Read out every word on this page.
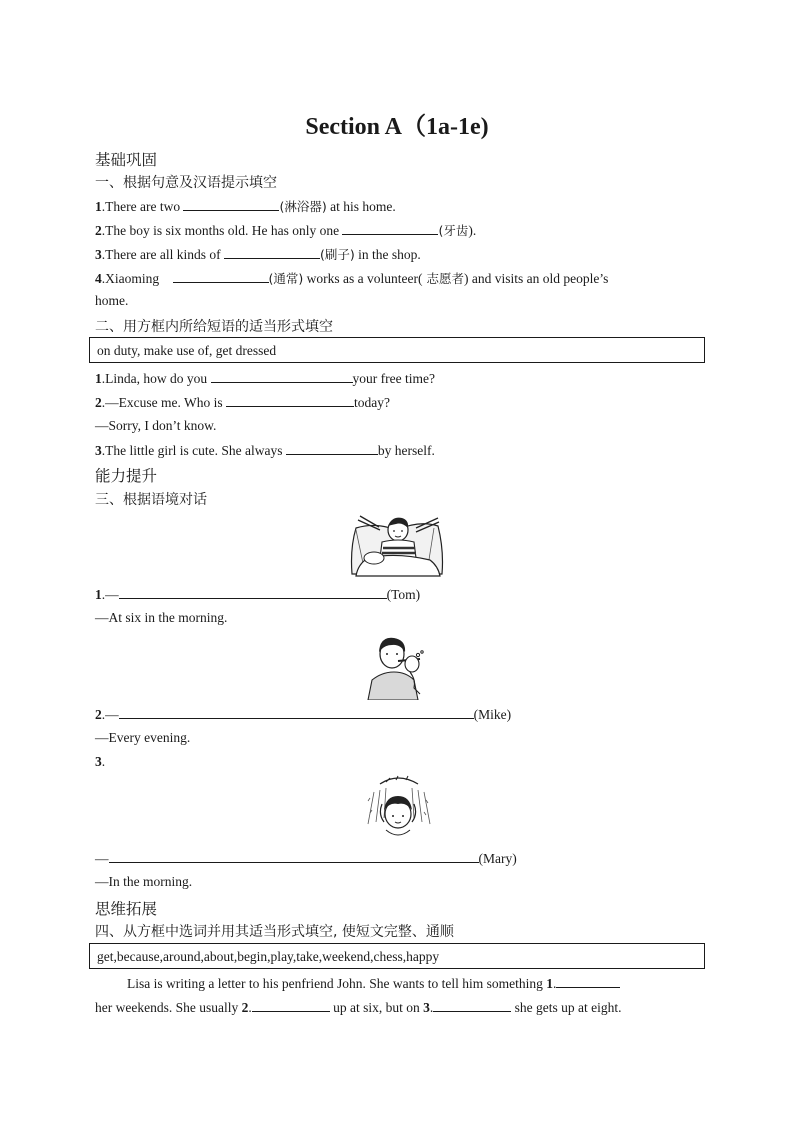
Section A（1a-1e)
基础巩固
一、根据句意及汉语提示填空
1.There are two	(淋浴器) at his home.
2.The boy is six months old. He has only one	(牙齿).
3.There are all kinds of	(刷子) in the shop.
4.Xiaoming	(通常) works as a volunteer( 志愿者) and visits an old people’s
home.
二、用方框内所给短语的适当形式填空
on duty, make use of, get dressed
1.Linda, how do you	your free time?
2.—Excuse me. Who is	today?
—Sorry, I don’t know.
3.The little girl is cute. She always	by herself.
能力提升
三、根据语境对话
1.—	(Tom)
—At six in the morning.
2.—	(Mike)
—Every evening.
3.
—	(Mary)
—In the morning.
思维拓展
四、从方框中选词并用其适当形式填空, 使短文完整、通顺
get,because,around,about,begin,play,take,weekend,chess,happy
Lisa is writing a letter to his penfriend John. She wants to tell him something 1.
her weekends. She usually 2.	up at six, but on 3.	she gets up at eight.
